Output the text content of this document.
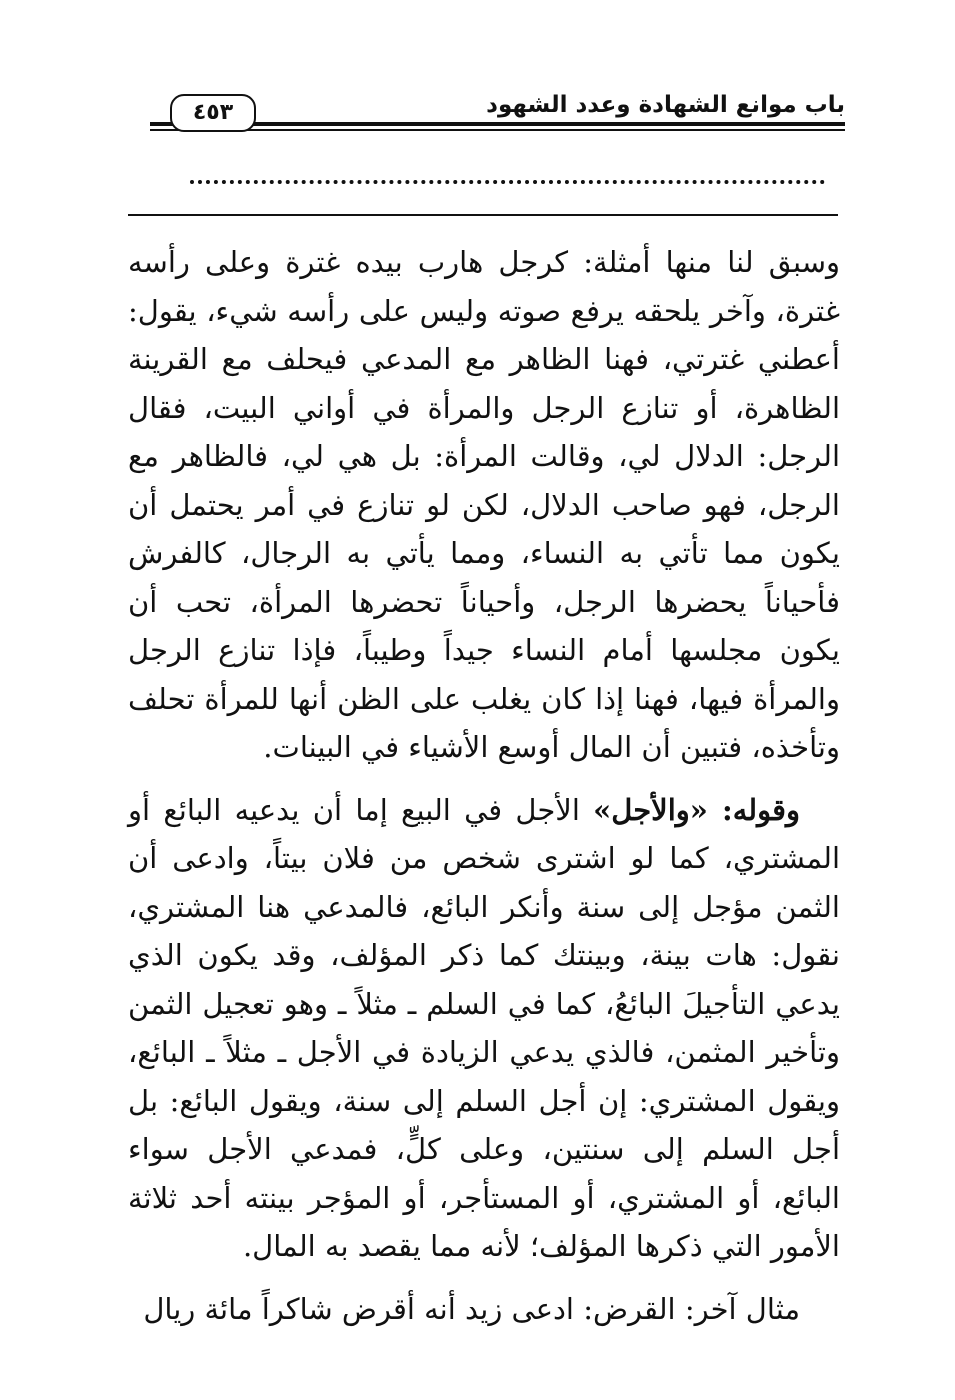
باب موانع الشهادة وعدد الشهود
٤٥٣

وسبق لنا منها أمثلة: كرجل هارب بيده غترة وعلى رأسه غترة، وآخر يلحقه يرفع صوته وليس على رأسه شيء، يقول: أعطني غترتي، فهنا الظاهر مع المدعي فيحلف مع القرينة الظاهرة، أو تنازع الرجل والمرأة في أواني البيت، فقال الرجل: الدلال لي، وقالت المرأة: بل هي لي، فالظاهر مع الرجل، فهو صاحب الدلال، لكن لو تنازع في أمر يحتمل أن يكون مما تأتي به النساء، ومما يأتي به الرجال، كالفرش فأحياناً يحضرها الرجل، وأحياناً تحضرها المرأة، تحب أن يكون مجلسها أمام النساء جيداً وطيباً، فإذا تنازع الرجل والمرأة فيها، فهنا إذا كان يغلب على الظن أنها للمرأة تحلف وتأخذه، فتبين أن المال أوسع الأشياء في البينات.

وقوله: «والأجل» الأجل في البيع إما أن يدعيه البائع أو المشتري، كما لو اشترى شخص من فلان بيتاً، وادعى أن الثمن مؤجل إلى سنة وأنكر البائع، فالمدعي هنا المشتري، نقول: هات بينة، وبينتك كما ذكر المؤلف، وقد يكون الذي يدعي التأجيلَ البائعُ، كما في السلم ـ مثلاً ـ وهو تعجيل الثمن وتأخير المثمن، فالذي يدعي الزيادة في الأجل ـ مثلاً ـ البائع، ويقول المشتري: إن أجل السلم إلى سنة، ويقول البائع: بل أجل السلم إلى سنتين، وعلى كلٍّ، فمدعي الأجل سواء البائع، أو المشتري، أو المستأجر، أو المؤجر بينته أحد ثلاثة الأمور التي ذكرها المؤلف؛ لأنه مما يقصد به المال.

مثال آخر: القرض: ادعى زيد أنه أقرض شاكراً مائة ريال
